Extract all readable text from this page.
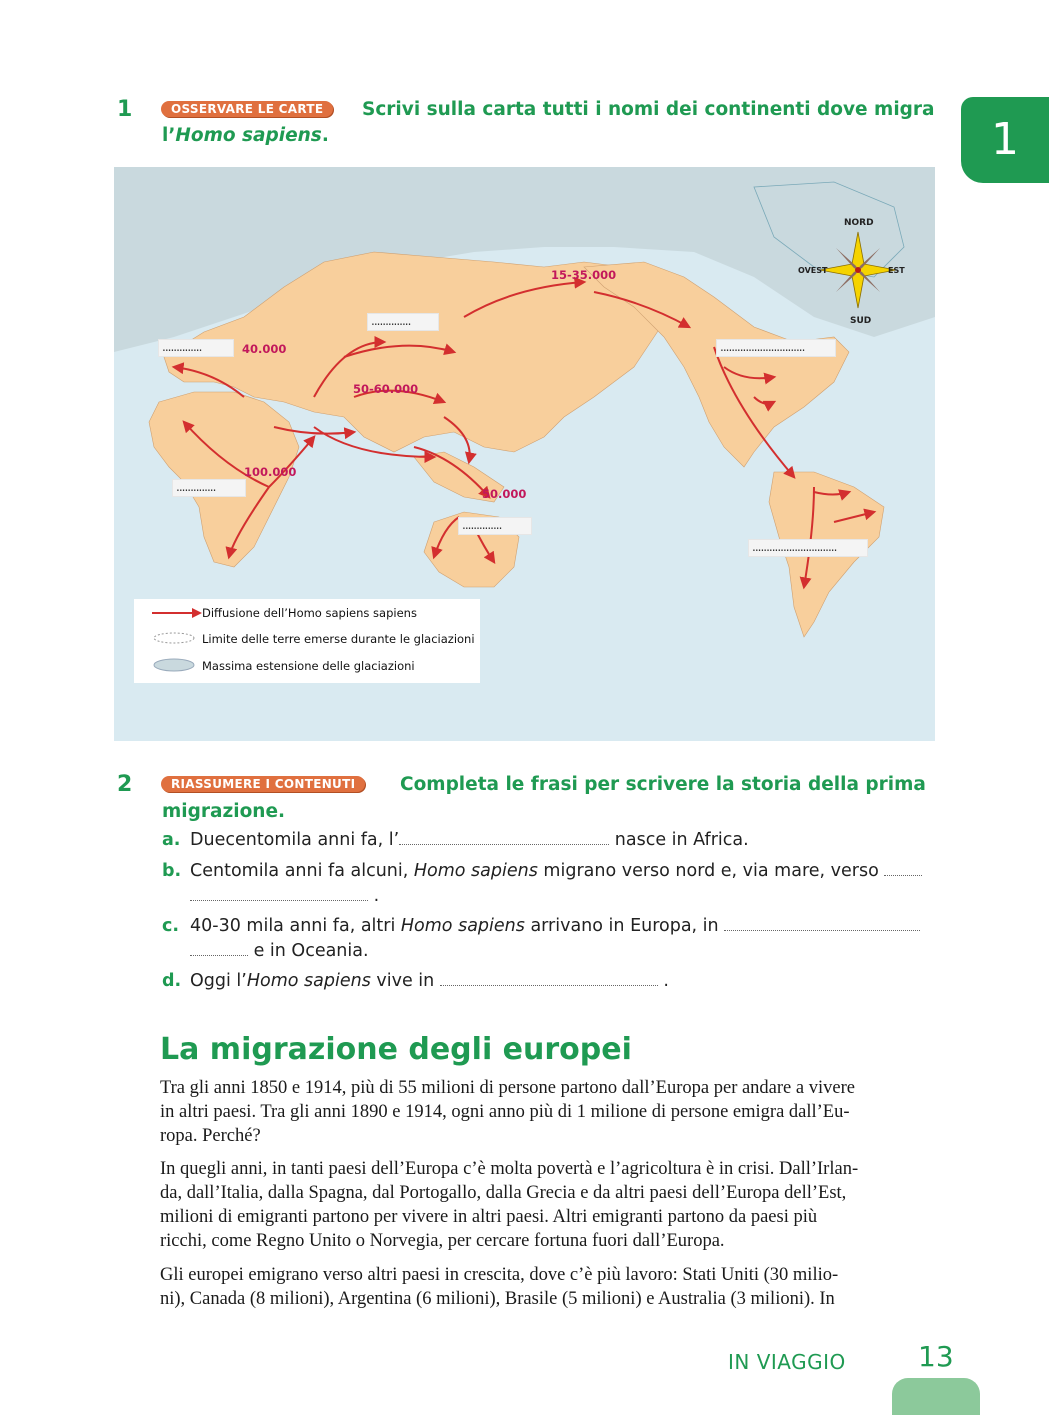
1
1	OSSERVARE LE CARTE	Scrivi sulla carta tutti i nomi dei continenti dove migra
l’Homo sapiens.
40.000
50-60.000
100.000
15-35.000
50.000
NORD
SUD
EST
OVEST
..............
..............	..............................
..............
..............
..............................
Diffusione dell’Homo sapiens sapiens
Limite delle terre emerse durante le glaciazioni
Massima estensione delle glaciazioni
2	RIASSUMERE I CONTENUTI	Completa le frasi per scrivere la storia della prima
migrazione.
a. Duecentomila anni fa, l’	nasce in Africa.
b. Centomila anni fa alcuni, Homo sapiens migrano verso nord e, via mare, verso
.
c. 40-30 mila anni fa, altri Homo sapiens arrivano in Europa, in
e in Oceania.
d. Oggi l’Homo sapiens vive in	.
La migrazione degli europei
Tra gli anni 1850 e 1914, più di 55 milioni di persone partono dall’Europa per andare a vivere
in altri paesi. Tra gli anni 1890 e 1914, ogni anno più di 1 milione di persone emigra dall’Eu-
ropa. Perché?
In quegli anni, in tanti paesi dell’Europa c’è molta povertà e l’agricoltura è in crisi. Dall’Irlan-
da, dall’Italia, dalla Spagna, dal Portogallo, dalla Grecia e da altri paesi dell’Europa dell’Est,
milioni di emigranti partono per vivere in altri paesi. Altri emigranti partono da paesi più
ricchi, come Regno Unito o Norvegia, per cercare fortuna fuori dall’Europa.
Gli europei emigrano verso altri paesi in crescita, dove c’è più lavoro: Stati Uniti (30 milio-
ni), Canada (8 milioni), Argentina (6 milioni), Brasile (5 milioni) e Australia (3 milioni). In
IN VIAGGIO	13
